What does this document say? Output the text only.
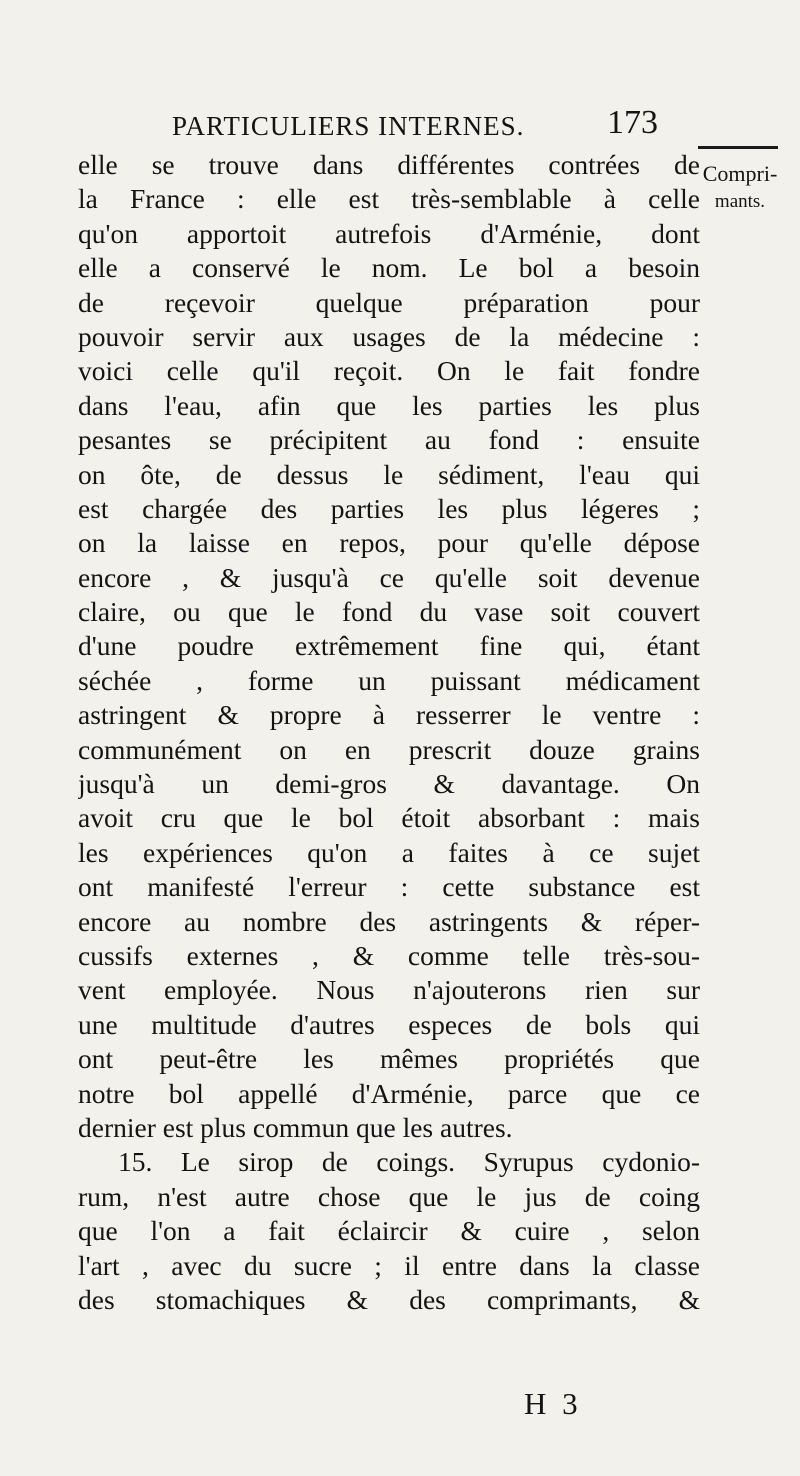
PARTICULIERS INTERNES. 173
Compri-
mants.
elle se trouve dans différentes contrées de
la France : elle est très-semblable à celle
qu'on apportoit autrefois d'Arménie, dont
elle a conservé le nom. Le bol a besoin
de reçevoir quelque préparation pour
pouvoir servir aux usages de la médecine :
voici celle qu'il reçoit. On le fait fondre
dans l'eau, afin que les parties les plus
pesantes se précipitent au fond : ensuite
on ôte, de dessus le sédiment, l'eau qui
est chargée des parties les plus légeres ;
on la laisse en repos, pour qu'elle dépose
encore , & jusqu'à ce qu'elle soit devenue
claire, ou que le fond du vase soit couvert
d'une poudre extrêmement fine qui, étant
séchée , forme un puissant médicament
astringent & propre à resserrer le ventre :
communément on en prescrit douze grains
jusqu'à un demi-gros & davantage. On
avoit cru que le bol étoit absorbant : mais
les expériences qu'on a faites à ce sujet
ont manifesté l'erreur : cette substance est
encore au nombre des astringents & réper-
cussifs externes , & comme telle très-sou-
vent employée. Nous n'ajouterons rien sur
une multitude d'autres especes de bols qui
ont peut-être les mêmes propriétés que
notre bol appellé d'Arménie, parce que ce
dernier est plus commun que les autres.
15. Le sirop de coings. Syrupus cydonio-
rum, n'est autre chose que le jus de coing
que l'on a fait éclaircir & cuire , selon
l'art , avec du sucre ; il entre dans la classe
des stomachiques & des comprimants, &
H 3
